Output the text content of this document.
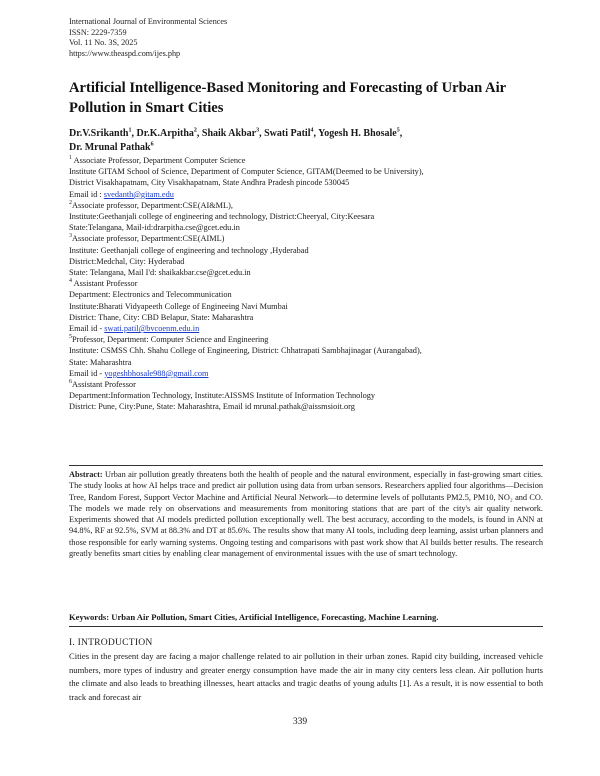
International Journal of Environmental Sciences
ISSN: 2229-7359
Vol. 11 No. 3S, 2025
https://www.theaspd.com/ijes.php
Artificial Intelligence-Based Monitoring and Forecasting of Urban Air Pollution in Smart Cities
Dr.V.Srikanth$^1$, Dr.K.Arpitha$^2$, Shaik Akbar$^3$, Swati Patil$^4$, Yogesh H. Bhosale$^5$,
Dr. Mrunal Pathak$^6$
$^1$ Associate Professor, Department Computer Science
Institute GITAM School of Science, Department of Computer Science, GITAM(Deemed to be University),
District Visakhapatnam, City Visakhapatnam, State Andhra Pradesh pincode 530045
Email id : svedanth@gitam.edu
$^2$Associate professor, Department:CSE(AI&ML),
Institute:Geethanjali college of engineering and technology, District:Cheeryal, City:Keesara
State:Telangana, Mail-id:drarpitha.cse@gcet.edu.in
$^3$Associate professor, Department:CSE(AIML)
Institute: Geethanjali college of engineering and technology ,Hyderabad
District:Medchal, City: Hyderabad
State: Telangana, Mail I'd: shaikakbar.cse@gcet.edu.in
$^4$ Assistant Professor
Department: Electronics and Telecommunication
Institute:Bharati Vidyapeeth College of Engineeing Navi Mumbai
District: Thane, City: CBD Belapur, State: Maharashtra
Email id - swati.patil@bvcoenm.edu.in
$^5$Professor, Department: Computer Science and Engineering
Institute: CSMSS Chh. Shahu College of Engineering, District: Chhatrapati Sambhajinagar (Aurangabad),
State: Maharashtra
Email id - yogeshbhosale988@gmail.com
$^6$Assistant Professor
Department:Information Technology, Institute:AISSMS Institute of Information Technology
District: Pune, City:Pune, State: Maharashtra, Email id mrunal.pathak@aissmsioit.org
Abstract: Urban air pollution greatly threatens both the health of people and the natural environment, especially in fast-growing smart cities. The study looks at how AI helps trace and predict air pollution using data from urban sensors. Researchers applied four algorithms—Decision Tree, Random Forest, Support Vector Machine and Artificial Neural Network—to determine levels of pollutants PM2.5, PM10, NO₂ and CO. The models we made rely on observations and measurements from monitoring stations that are part of the city's air quality network. Experiments showed that AI models predicted pollution exceptionally well. The best accuracy, according to the models, is found in ANN at 94.8%, RF at 92.5%, SVM at 88.3% and DT at 85.6%. The results show that many AI tools, including deep learning, assist urban planners and those responsible for early warning systems. Ongoing testing and comparisons with past work show that AI builds better results. The research greatly benefits smart cities by enabling clear management of environmental issues with the use of smart technology.
Keywords: Urban Air Pollution, Smart Cities, Artificial Intelligence, Forecasting, Machine Learning.
I. INTRODUCTION
Cities in the present day are facing a major challenge related to air pollution in their urban zones. Rapid city building, increased vehicle numbers, more types of industry and greater energy consumption have made the air in many city centers less clean. Air pollution hurts the climate and also leads to breathing illnesses, heart attacks and tragic deaths of young adults [1]. As a result, it is now essential to both track and forecast air
339
